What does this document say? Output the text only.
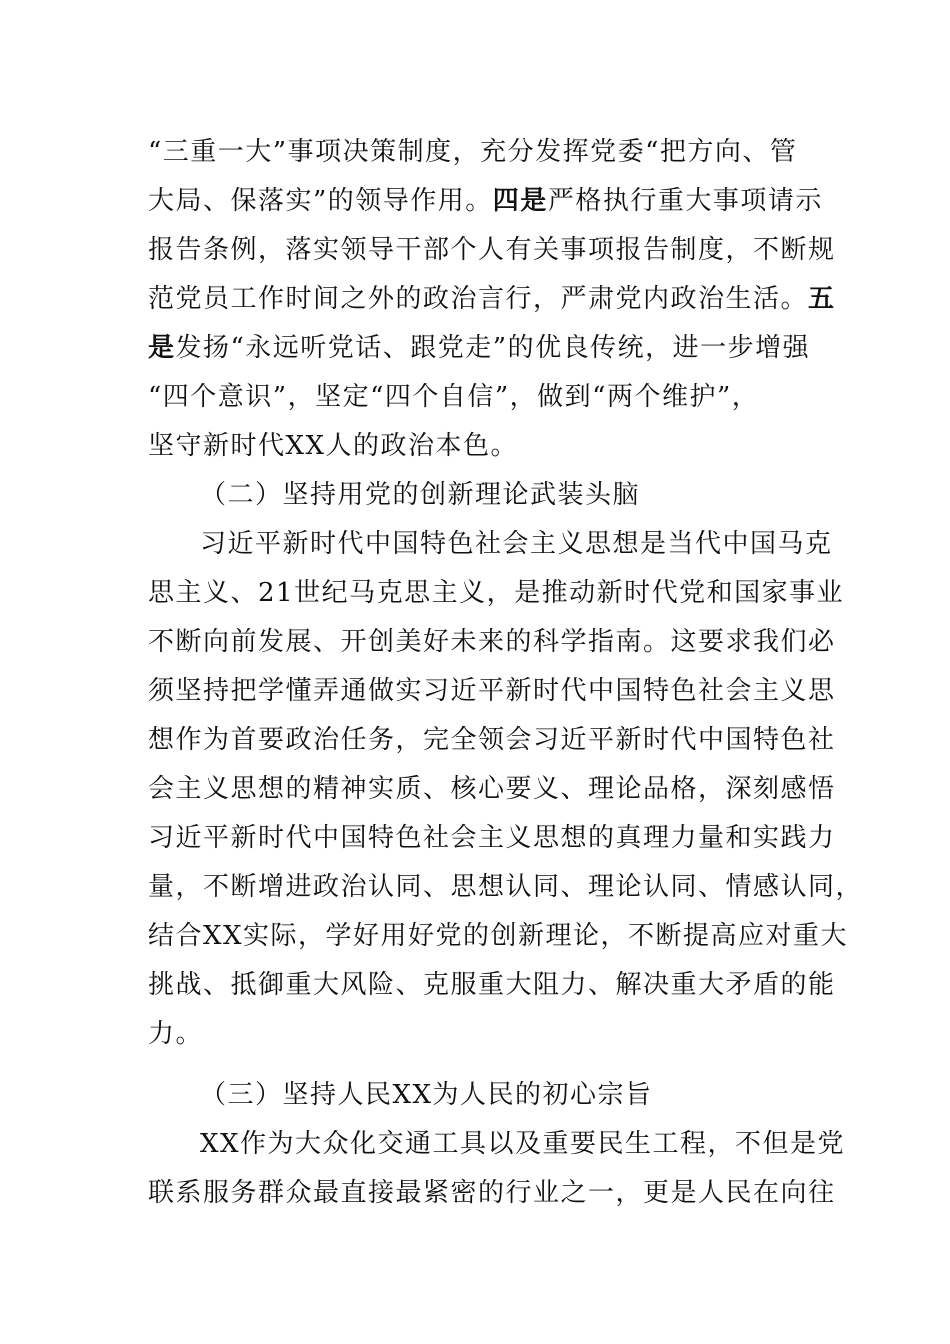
“三重一大”事项决策制度，充分发挥党委“把方向、管
大局、保落实”的领导作用。四是严格执行重大事项请示
报告条例，落实领导干部个人有关事项报告制度，不断规
范党员工作时间之外的政治言行，严肃党内政治生活。五
是发扬“永远听党话、跟党走”的优良传统，进一步增强
“四个意识”，坚定“四个自信”，做到“两个维护”，
坚守新时代XX人的政治本色。
（二）坚持用党的创新理论武装头脑
习近平新时代中国特色社会主义思想是当代中国马克
思主义、21世纪马克思主义，是推动新时代党和国家事业
不断向前发展、开创美好未来的科学指南。这要求我们必
须坚持把学懂弄通做实习近平新时代中国特色社会主义思
想作为首要政治任务，完全领会习近平新时代中国特色社
会主义思想的精神实质、核心要义、理论品格，深刻感悟
习近平新时代中国特色社会主义思想的真理力量和实践力
量，不断增进政治认同、思想认同、理论认同、情感认同，
结合XX实际，学好用好党的创新理论，不断提高应对重大
挑战、抵御重大风险、克服重大阻力、解决重大矛盾的能
力。
（三）坚持人民XX为人民的初心宗旨
XX作为大众化交通工具以及重要民生工程，不但是党
联系服务群众最直接最紧密的行业之一，更是人民在向往
